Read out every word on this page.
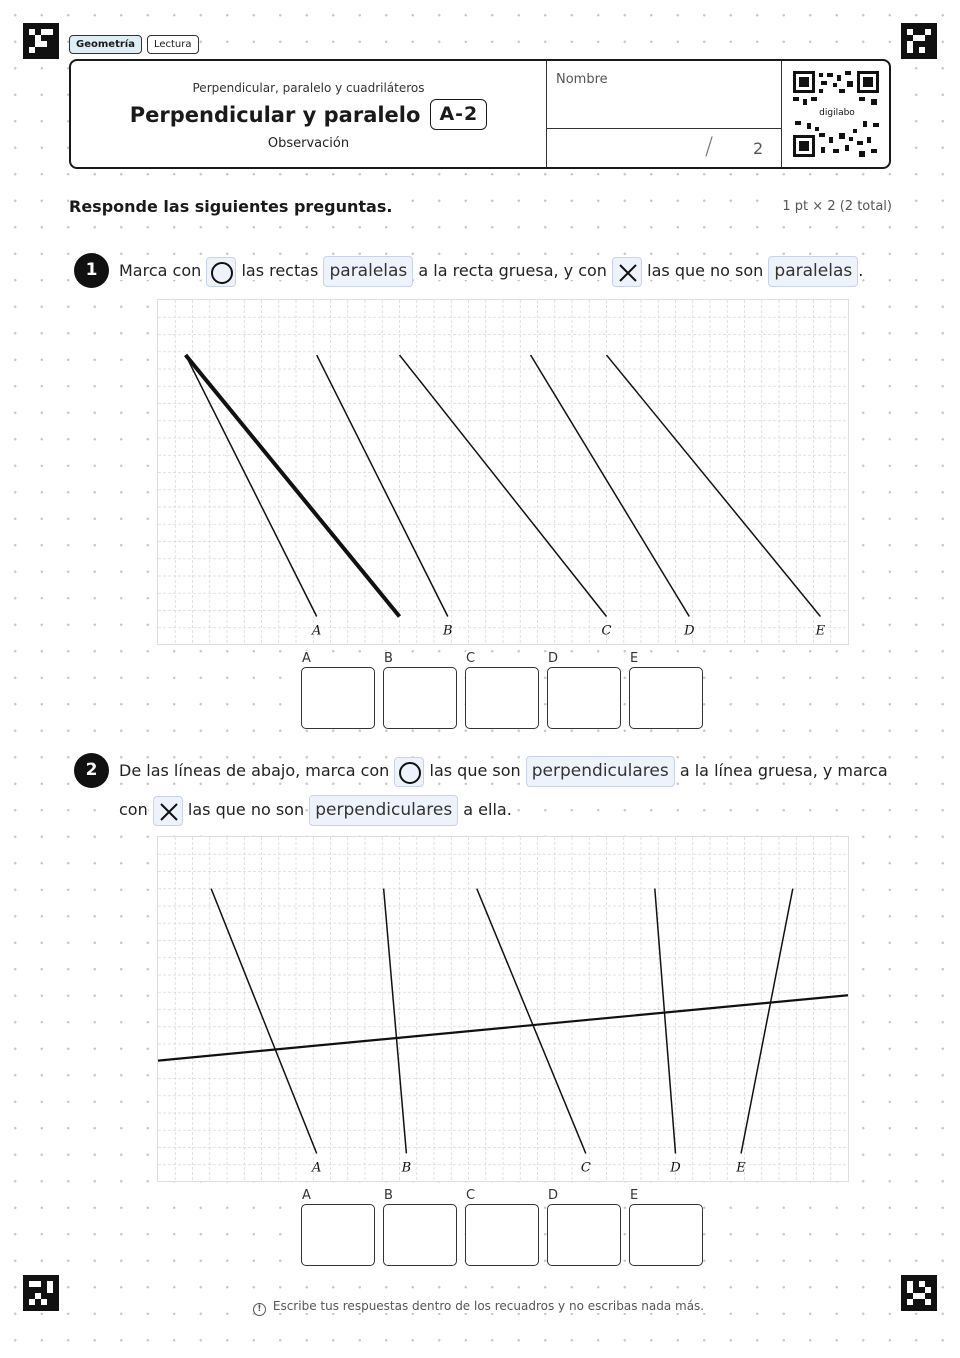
Geometría	Lectura
Perpendicular, paralelo y cuadriláteros
Perpendicular y paralelo	A-2
Observación
Nombre
/ 2
digilabo
Responde las siguientes preguntas.	1 pt × 2 (2 total)
1	Marca con	las rectas paralelas a la recta gruesa, y con	las que no son paralelas .
A	B	C	D	E
A	B	C	D	E
2	De las líneas de abajo, marca con	las que son perpendiculares a la línea gruesa, y marca
con	las que no son perpendiculares a ella.
A	B	C	D	E
A	B	C	D	E
! Escribe tus respuestas dentro de los recuadros y no escribas nada más.
